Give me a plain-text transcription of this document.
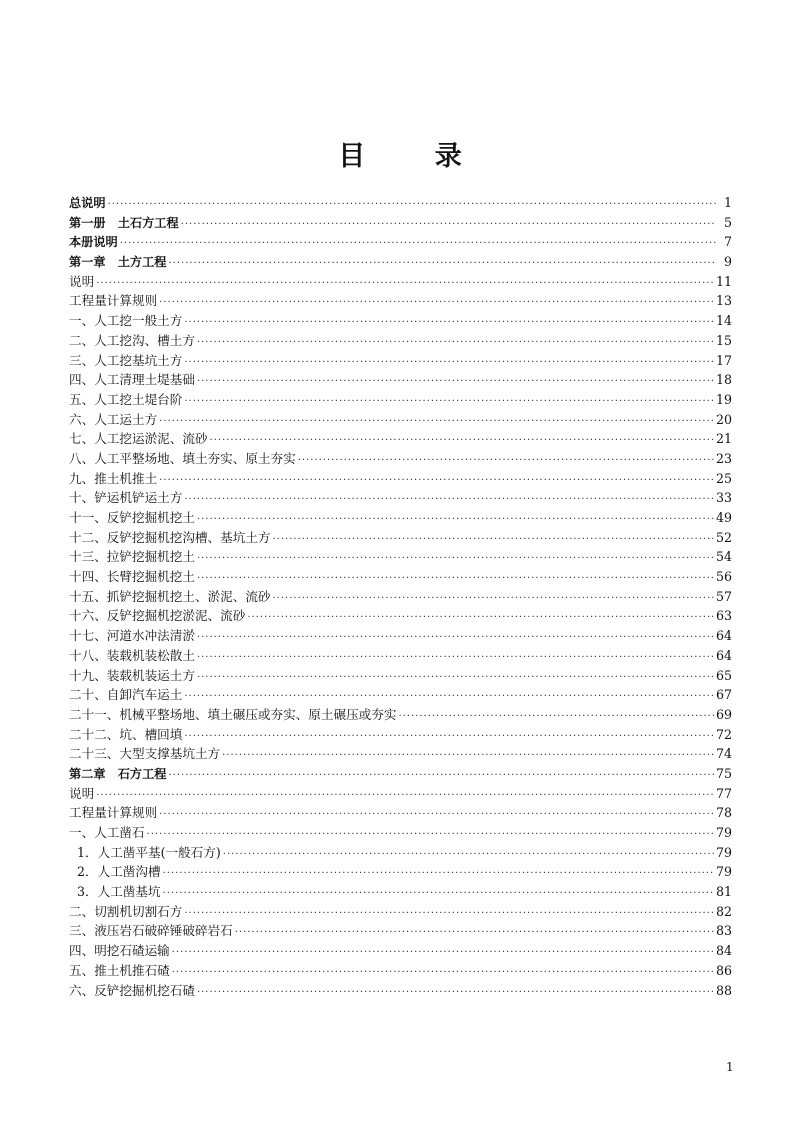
目 录
总说明 ·····	1
第一册　土石方工程 ·····	5
本册说明 ·····	7
第一章　土方工程 ·····	9
说明 ·····	11
工程量计算规则 ·····	13
一、人工挖一般土方 ·····	14
二、人工挖沟、槽土方 ·····	15
三、人工挖基坑土方 ·····	17
四、人工清理土堤基础 ·····	18
五、人工挖土堤台阶 ·····	19
六、人工运土方 ·····	20
七、人工挖运淤泥、流砂 ·····	21
八、人工平整场地、填土夯实、原土夯实 ·····	23
九、推土机推土 ·····	25
十、铲运机铲运土方 ·····	33
十一、反铲挖掘机挖土 ·····	49
十二、反铲挖掘机挖沟槽、基坑土方 ·····	52
十三、拉铲挖掘机挖土 ·····	54
十四、长臂挖掘机挖土 ·····	56
十五、抓铲挖掘机挖土、淤泥、流砂 ·····	57
十六、反铲挖掘机挖淤泥、流砂 ·····	63
十七、河道水冲法清淤 ·····	64
十八、装载机装松散土 ·····	64
十九、装载机装运土方 ·····	65
二十、自卸汽车运土 ·····	67
二十一、机械平整场地、填土碾压或夯实、原土碾压或夯实 ·····	69
二十二、坑、槽回填 ·····	72
二十三、大型支撑基坑土方 ·····	74
第二章　石方工程 ·····	75
说明 ·····	77
工程量计算规则 ·····	78
一、人工凿石 ·····	79
1．人工凿平基(一般石方) ·····	79
2．人工凿沟槽 ·····	79
3．人工凿基坑 ·····	81
二、切割机切割石方 ·····	82
三、液压岩石破碎锤破碎岩石 ·····	83
四、明挖石碴运输 ·····	84
五、推土机推石碴 ·····	86
六、反铲挖掘机挖石碴 ·····	88
1
